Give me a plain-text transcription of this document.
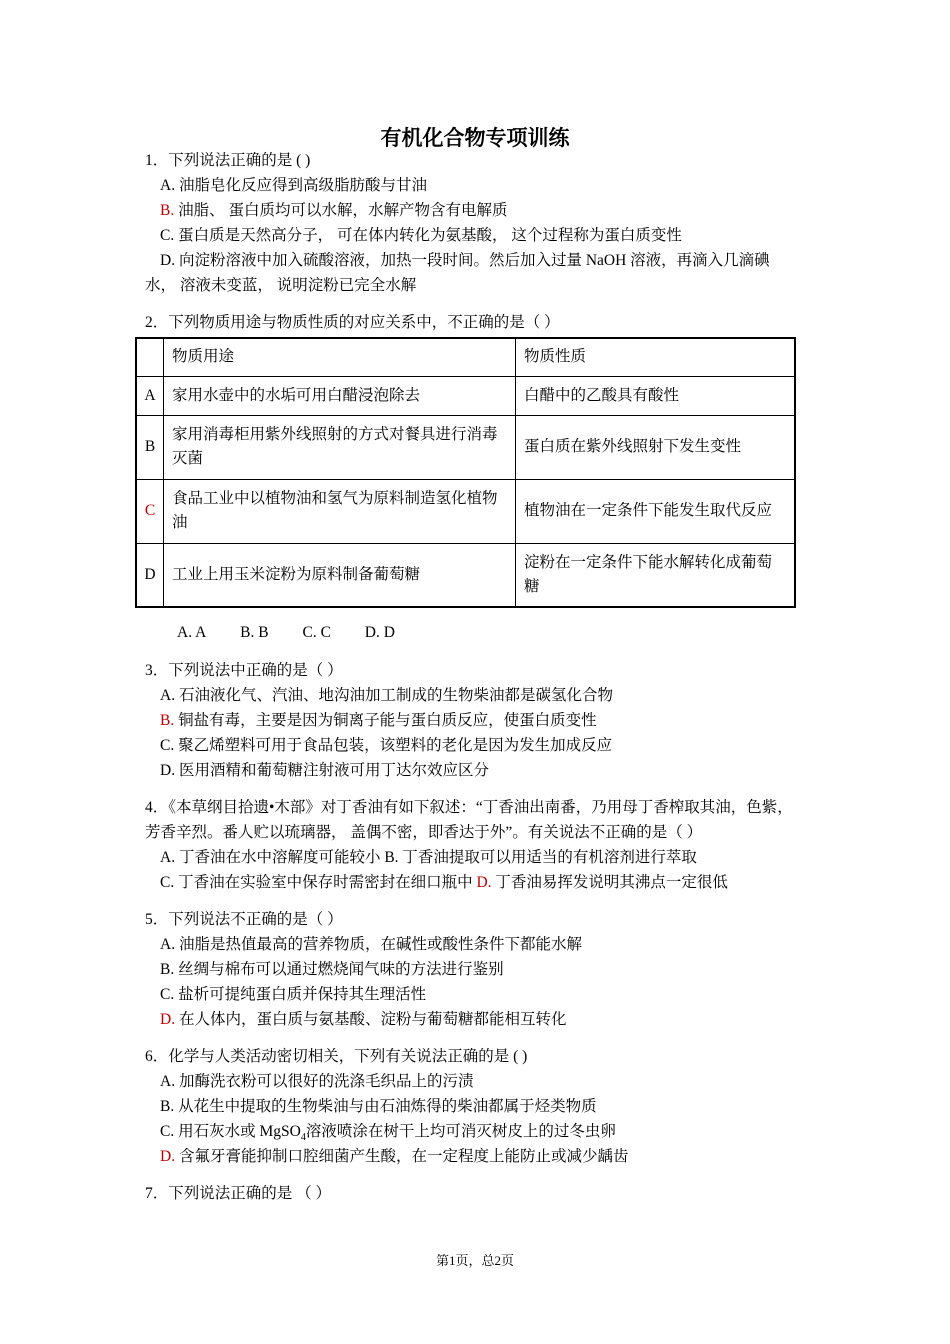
有机化合物专项训练
1．下列说法正确的是 ( )
A. 油脂皂化反应得到高级脂肪酸与甘油
B. 油脂、 蛋白质均可以水解，水解产物含有电解质
C. 蛋白质是天然高分子， 可在体内转化为氨基酸， 这个过程称为蛋白质变性
D. 向淀粉溶液中加入硫酸溶液，加热一段时间。然后加入过量 NaOH 溶液，再滴入几滴碘
水， 溶液未变蓝， 说明淀粉已完全水解
2．下列物质用途与物质性质的对应关系中，不正确的是（ ）
	物质用途	物质性质
A	家用水壶中的水垢可用白醋浸泡除去	白醋中的乙酸具有酸性
B	家用消毒柜用紫外线照射的方式对餐具进行消毒灭菌	蛋白质在紫外线照射下发生变性
C	食品工业中以植物油和氢气为原料制造氢化植物油	植物油在一定条件下能发生取代反应
D	工业上用玉米淀粉为原料制备葡萄糖	淀粉在一定条件下能水解转化成葡萄糖
A. A B. B C. C D. D
3．下列说法中正确的是（ ）
A. 石油液化气、汽油、地沟油加工制成的生物柴油都是碳氢化合物
B. 铜盐有毒，主要是因为铜离子能与蛋白质反应，使蛋白质变性
C. 聚乙烯塑料可用于食品包装，该塑料的老化是因为发生加成反应
D. 医用酒精和葡萄糖注射液可用丁达尔效应区分
4．《本草纲目拾遗•木部》对丁香油有如下叙述：“丁香油出南番，乃用母丁香榨取其油，色紫，
芳香辛烈。番人贮以琉璃器， 盖偶不密，即香达于外”。有关说法不正确的是（ ）
A. 丁香油在水中溶解度可能较小 B. 丁香油提取可以用适当的有机溶剂进行萃取
C. 丁香油在实验室中保存时需密封在细口瓶中 D. 丁香油易挥发说明其沸点一定很低
5．下列说法不正确的是（ ）
A. 油脂是热值最高的营养物质，在碱性或酸性条件下都能水解
B. 丝绸与棉布可以通过燃烧闻气味的方法进行鉴别
C. 盐析可提纯蛋白质并保持其生理活性
D. 在人体内，蛋白质与氨基酸、淀粉与葡萄糖都能相互转化
6．化学与人类活动密切相关，下列有关说法正确的是 ( )
A. 加酶洗衣粉可以很好的洗涤毛织品上的污渍
B. 从花生中提取的生物柴油与由石油炼得的柴油都属于烃类物质
C. 用石灰水或 MgSO$_4$溶液喷涂在树干上均可消灭树皮上的过冬虫卵
D. 含氟牙膏能抑制口腔细菌产生酸，在一定程度上能防止或减少龋齿
7．下列说法正确的是 （ ）
第1页，总2页
